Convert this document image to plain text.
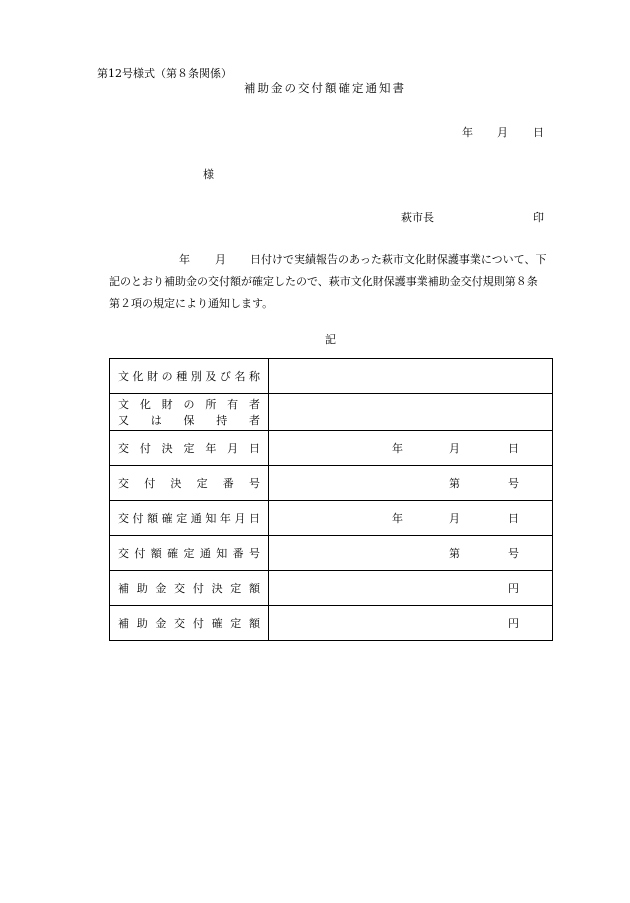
第12号様式（第８条関係）
補助金の交付額確定通知書
年 月 日
様
萩市長	印
年 月 日付けで実績報告のあった萩市文化財保護事業について、下
記のとおり補助金の交付額が確定したので、萩市文化財保護事業補助金交付規則第８条
第２項の規定により通知します。
記
文化財の種別及び名称	

文 化 財 の 所 有 者
又 は 保 持 者	

交付決定年月日	年 月 日

交付決定番号	第 号

交付額確定通知年月日	年 月 日

交付額確定通知番号	第 号

補助金交付決定額	円

補助金交付確定額	円
